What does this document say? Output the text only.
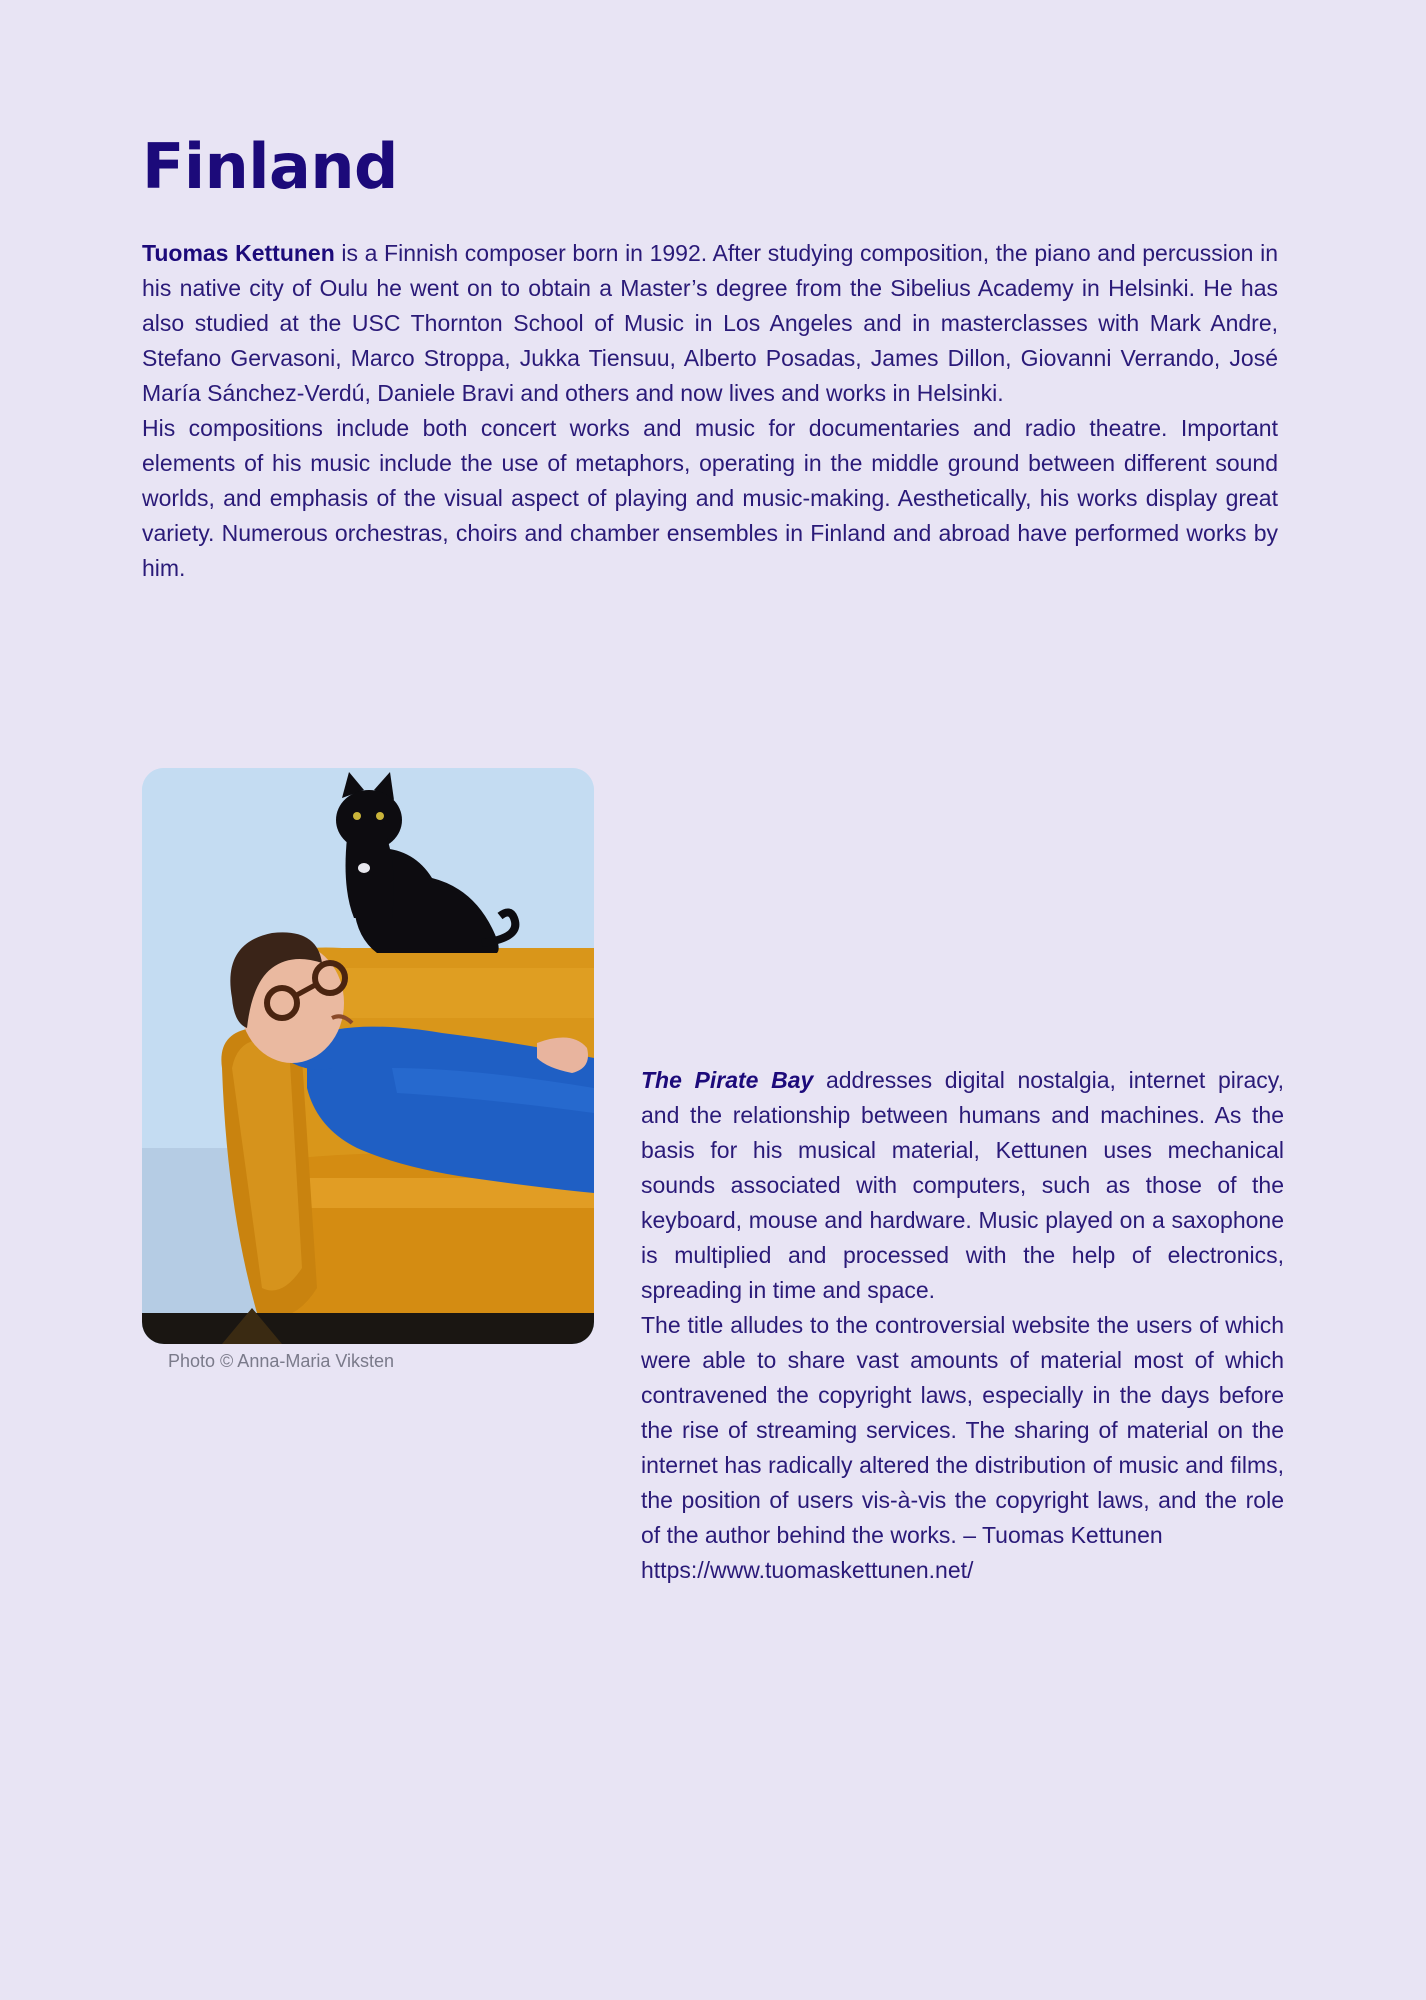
Finland

Tuomas Kettunen is a Finnish composer born in 1992. After studying composition, the piano and percussion in his native city of Oulu he went on to obtain a Master’s degree from the Sibelius Academy in Helsinki. He has also studied at the USC Thornton School of Music in Los Angeles and in masterclasses with Mark Andre, Stefano Gervasoni, Marco Stroppa, Jukka Tiensuu, Alberto Posadas, James Dillon, Giovanni Verrando, José María Sánchez-Verdú, Daniele Bravi and others and now lives and works in Helsinki.

His compositions include both concert works and music for documentaries and radio theatre. Important elements of his music include the use of metaphors, operating in the middle ground between different sound worlds, and emphasis of the visual aspect of playing and music-making. Aesthetically, his works display great variety. Numerous orchestras, choirs and chamber ensembles in Finland and abroad have performed works by him.

Photo © Anna-Maria Viksten

The Pirate Bay addresses digital nostalgia, internet piracy, and the relationship between humans and machines. As the basis for his musical material, Kettunen uses mechanical sounds associated with computers, such as those of the keyboard, mouse and hardware. Music played on a saxophone is multiplied and processed with the help of electronics, spreading in time and space.

The title alludes to the controversial website the users of which were able to share vast amounts of material most of which contravened the copyright laws, especially in the days before the rise of streaming services. The sharing of material on the internet has radically altered the distribution of music and films, the position of users vis-à-vis the copyright laws, and the role of the author behind the works. – Tuomas Kettunen

https://www.tuomaskettunen.net/
